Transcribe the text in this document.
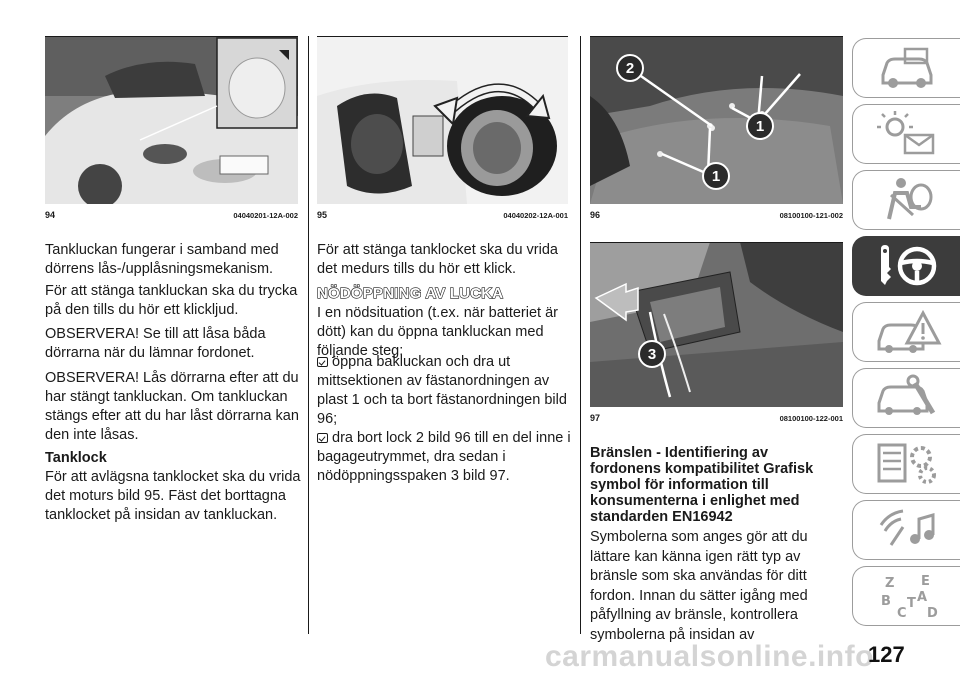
94	04040201-12A-002
Tankluckan fungerar i samband med dörrens lås-/upplåsningsmekanism.
För att stänga tankluckan ska du trycka på den tills du hör ett klickljud.
OBSERVERA! Se till att låsa båda dörrarna när du lämnar fordonet.
OBSERVERA! Lås dörrarna efter att du har stängt tankluckan. Om tankluckan stängs efter att du har låst dörrarna kan den inte låsas.
Tanklock
För att avlägsna tanklocket ska du vrida det moturs bild 95. Fäst det borttagna tanklocket på insidan av tankluckan.
95	04040202-12A-001
För att stänga tanklocket ska du vrida det medurs tills du hör ett klick.
NÖDÖPPNING AV LUCKA
I en nödsituation (t.ex. när batteriet är dött) kan du öppna tankluckan med följande steg:
öppna bakluckan och dra ut mittsektionen av fästanordningen av plast 1 och ta bort fästanordningen bild 96;
dra bort lock 2 bild 96 till en del inne i bagageutrymmet, dra sedan i nödöppningsspaken 3 bild 97.
2
1
1
96	08100100-121-002
3
97	08100100-122-001
Bränslen - Identifiering av fordonens kompatibilitet Grafisk symbol för information till konsumenterna i enlighet med standarden EN16942
Symbolerna som anges gör att du lättare kan känna igen rätt typ av bränsle som ska användas för ditt fordon. Innan du sätter igång med påfyllning av bränsle, kontrollera symbolerna på insidan av
Z E
B A
C
T
D
carmanualsonline.info
127
